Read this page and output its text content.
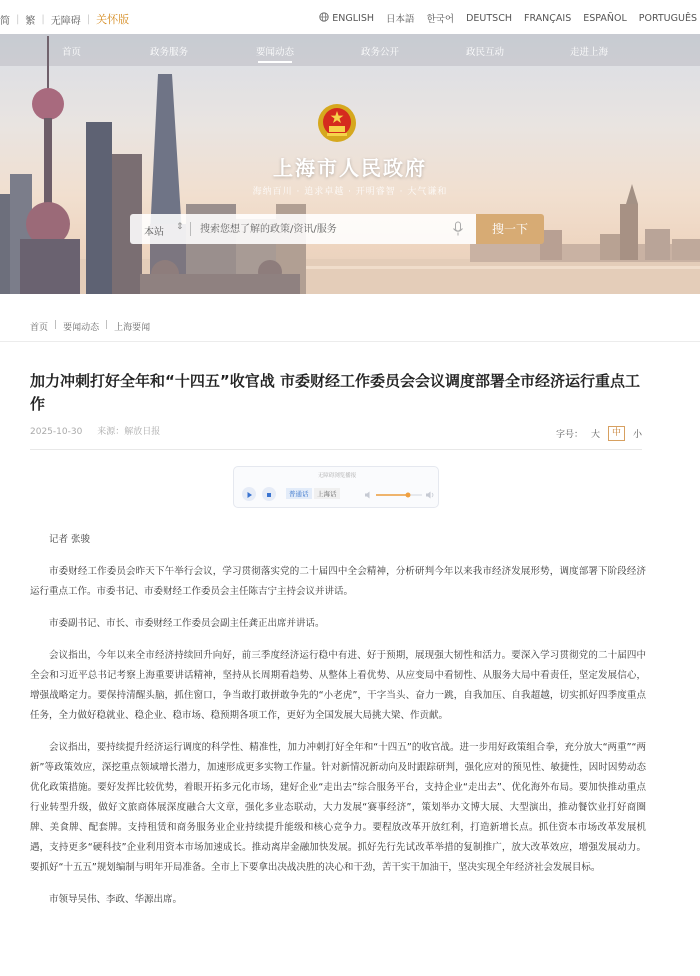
简 | 繁 | 无障碍 | 关怀版	ENGLISH 日本語 한국어 DEUTSCH FRANÇAIS ESPAÑOL PORTUGUÊS
首页	政务服务	要闻动态	政务公开	政民互动	走进上海
上海市人民政府
海纳百川 · 追求卓越 · 开明睿智 · 大气谦和
本站 ⇕
搜索您想了解的政策/资讯/服务	搜一下
首页 | 要闻动态 | 上海要闻
加力冲刺打好全年和“十四五”收官战 市委财经工作委员会会议调度部署全市经济运行重点工作
2025-10-30 来源：解放日报	字号： 大	中	小
无障碍浏览播报
普通话	上海话

记者 张骏

市委财经工作委员会昨天下午举行会议，学习贯彻落实党的二十届四中全会精神，分析研判今年以来我市经济发展形势，调度部署下阶段经济运行重点工作。市委书记、市委财经工作委员会主任陈吉宁主持会议并讲话。

市委副书记、市长、市委财经工作委员会副主任龚正出席并讲话。

会议指出，今年以来全市经济持续回升向好，前三季度经济运行稳中有进、好于预期，展现强大韧性和活力。要深入学习贯彻党的二十届四中全会和习近平总书记考察上海重要讲话精神，坚持从长周期看趋势、从整体上看优势、从应变局中看韧性、从服务大局中看责任，坚定发展信心，增强战略定力。要保持清醒头脑，抓住窗口，争当敢打敢拼敢争先的“小老虎”，干字当头、奋力一跳，自我加压、自我超越，切实抓好四季度重点任务，全力做好稳就业、稳企业、稳市场、稳预期各项工作，更好为全国发展大局挑大梁、作贡献。

会议指出，要持续提升经济运行调度的科学性、精准性，加力冲刺打好全年和“十四五”的收官战。进一步用好政策组合拳，充分放大“两重”“两新”等政策效应，深挖重点领域增长潜力，加速形成更多实物工作量。针对新情况新动向及时跟踪研判，强化应对的预见性、敏捷性，因时因势动态优化政策措施。要好发挥比较优势，着眼开拓多元化市场，建好企业“走出去”综合服务平台，支持企业“走出去”、优化海外布局。要加快推动重点行业转型升级，做好文旅商体展深度融合大文章，强化多业态联动，大力发展“赛事经济”，策划举办文博大展、大型演出，推动餐饮业打好商圈牌、美食牌、配套牌。支持租赁和商务服务业企业持续提升能级和核心竞争力。要程放改革开放红利，打造新增长点。抓住资本市场改革发展机遇，支持更多“硬科技”企业利用资本市场加速成长。推动离岸金融加快发展。抓好先行先试改革举措的复制推广，放大改革效应，增强发展动力。要抓好“十五五”规划编制与明年开局准备。全市上下要拿出决战决胜的决心和干劲，苦干实干加油干，坚决实现全年经济社会发展目标。

市领导吴伟、李政、华源出席。
